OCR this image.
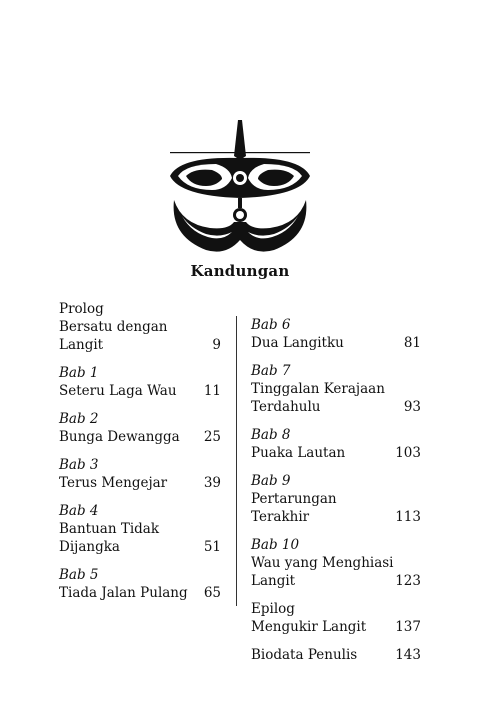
Kandungan
Prolog
Bersatu dengan Langit	9
Bab 1
Seteru Laga Wau	11
Bab 2
Bunga Dewangga	25
Bab 3
Terus Mengejar	39
Bab 4
Bantuan Tidak
Dijangka	51
Bab 5
Tiada Jalan Pulang	65
Bab 6
Dua Langitku	81
Bab 7
Tinggalan Kerajaan
Terdahulu	93
Bab 8
Puaka Lautan	103
Bab 9
Pertarungan Terakhir	113
Bab 10
Wau yang Menghiasi
Langit	123
Epilog
Mengukir Langit	137
Biodata Penulis	143
